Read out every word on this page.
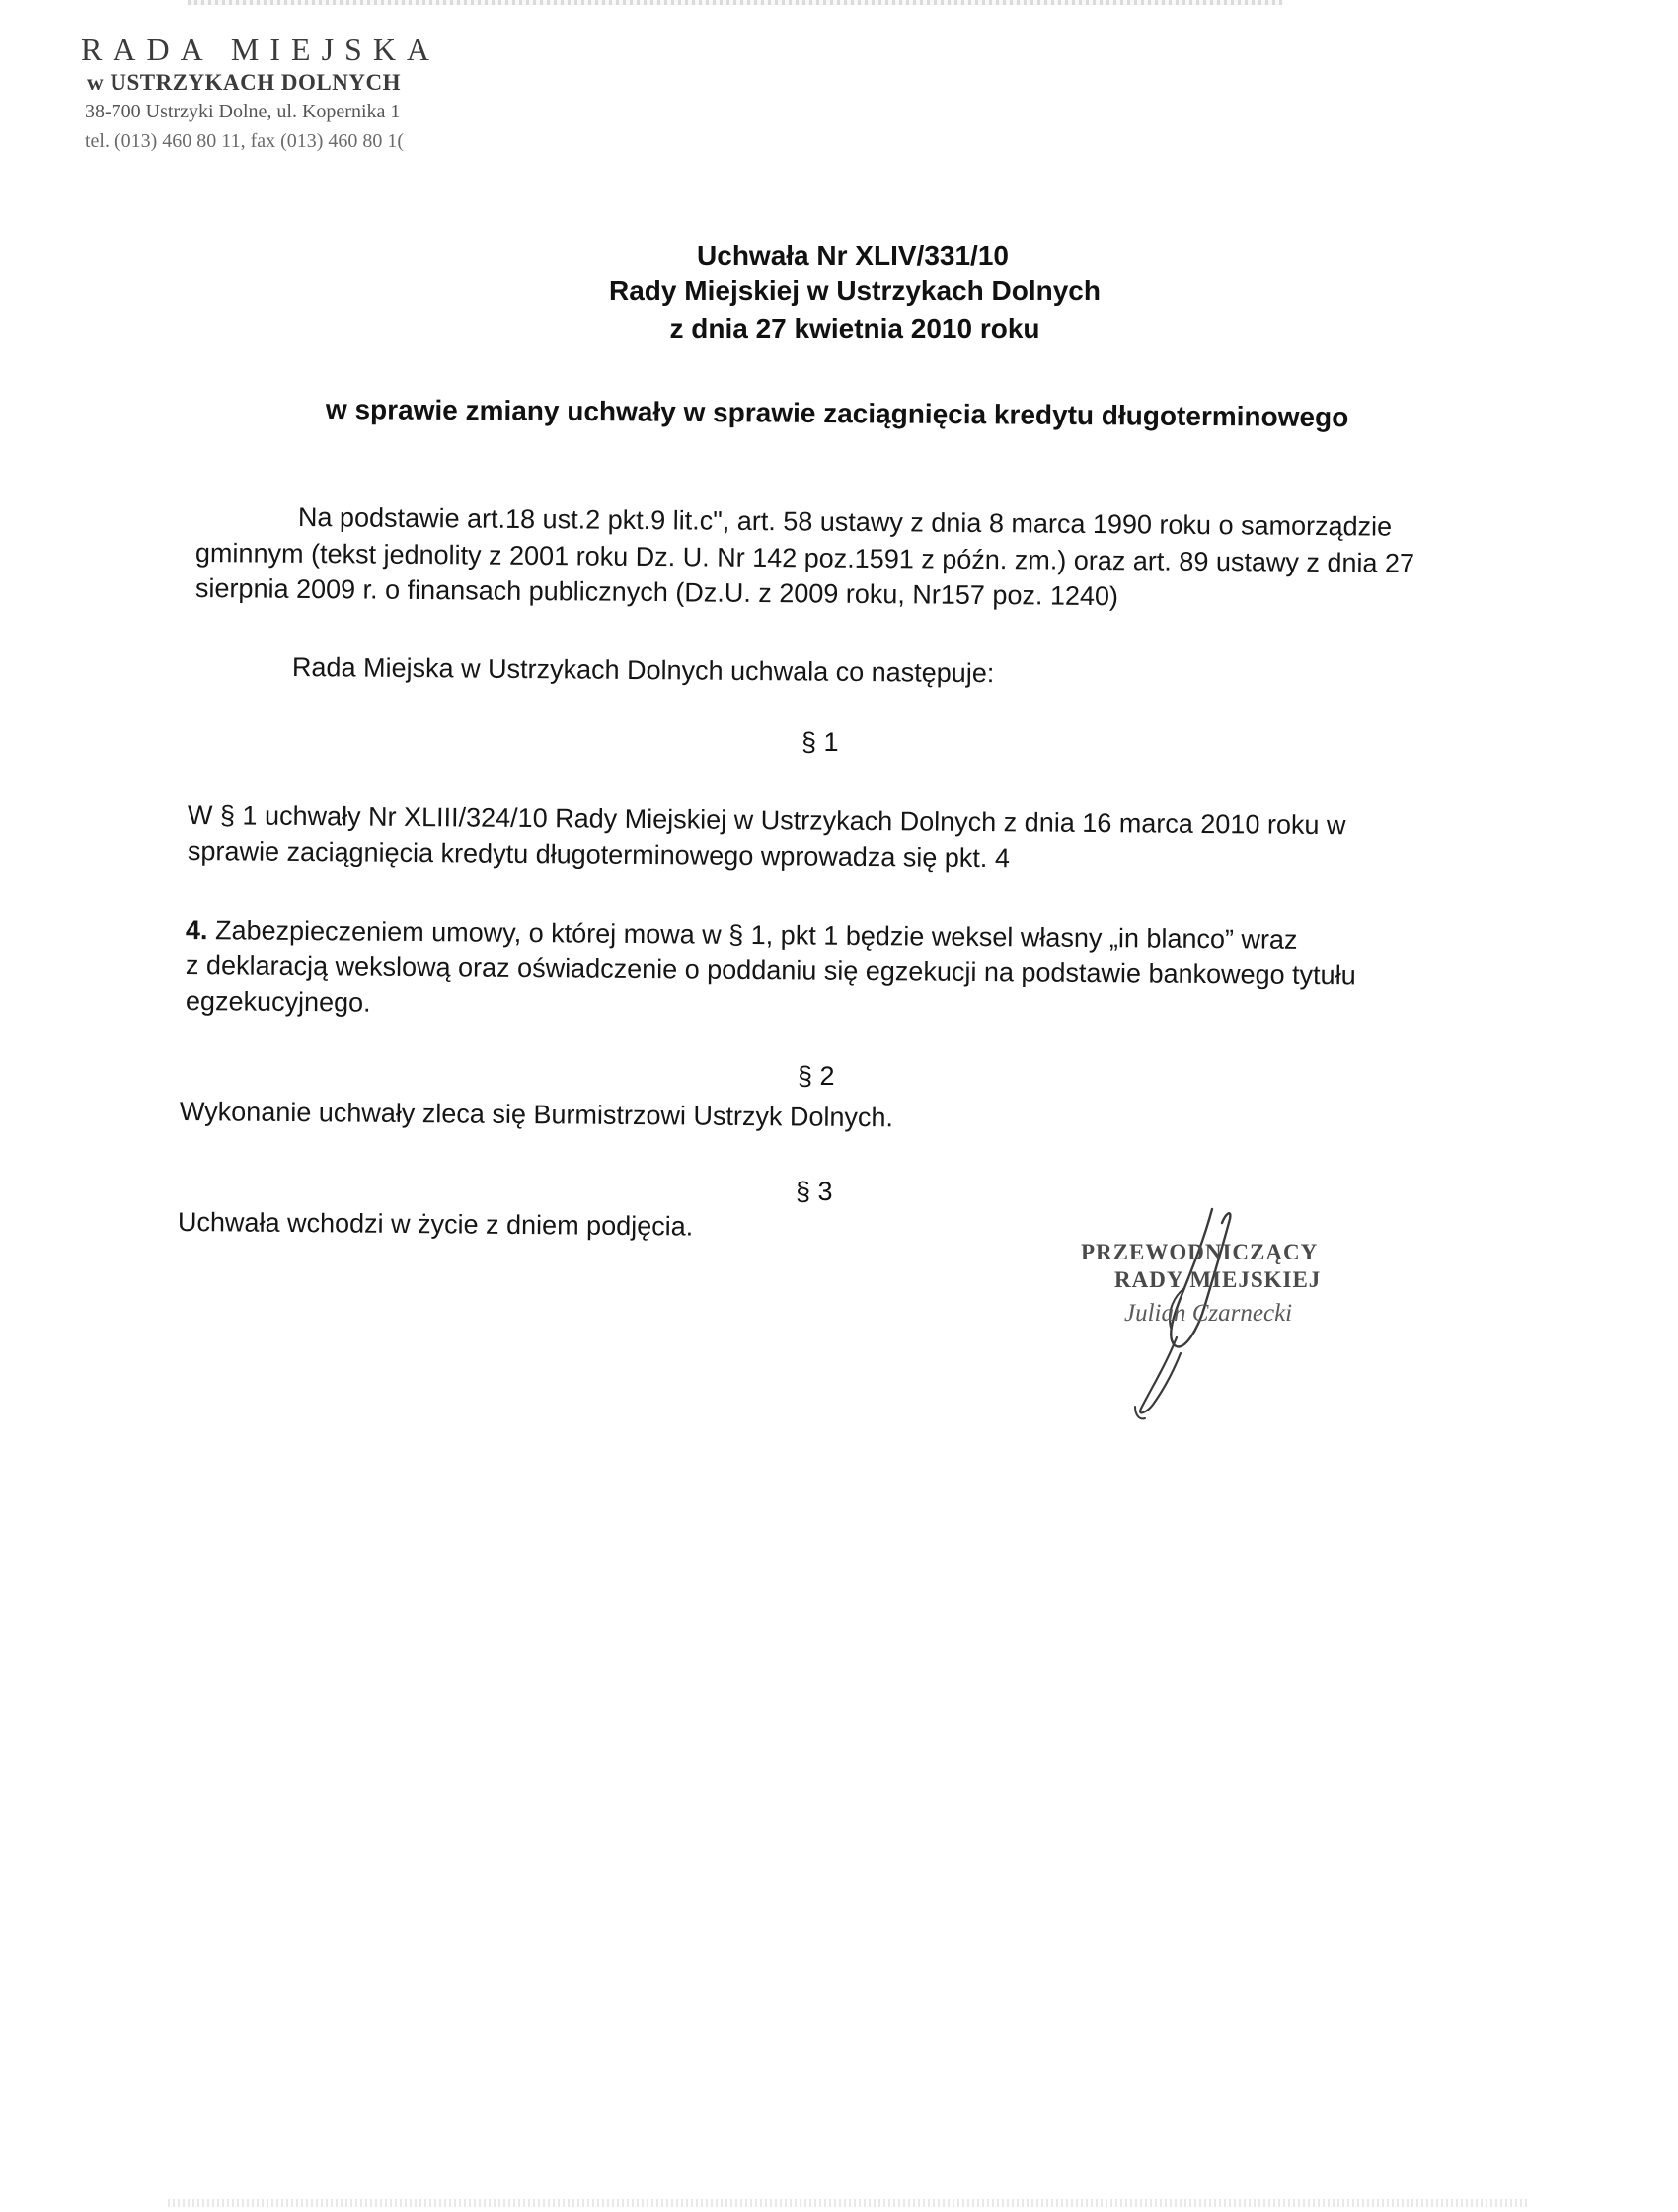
RADA MIEJSKA
w USTRZYKACH DOLNYCH
38-700 Ustrzyki Dolne, ul. Kopernika 1
tel. (013) 460 80 11, fax (013) 460 80 1(
Uchwała Nr XLIV/331/10
Rady Miejskiej w Ustrzykach Dolnych
z dnia 27 kwietnia 2010 roku
w sprawie zmiany uchwały w sprawie zaciągnięcia kredytu długoterminowego
Na podstawie art.18 ust.2 pkt.9 lit.c", art. 58 ustawy z dnia 8 marca 1990 roku o samorządzie
gminnym (tekst jednolity z 2001 roku Dz. U. Nr 142 poz.1591 z późn. zm.) oraz art. 89 ustawy z dnia 27
sierpnia 2009 r. o finansach publicznych (Dz.U. z 2009 roku, Nr157 poz. 1240)
Rada Miejska w Ustrzykach Dolnych uchwala co następuje:
§ 1
W § 1 uchwały Nr XLIII/324/10 Rady Miejskiej w Ustrzykach Dolnych z dnia 16 marca 2010 roku w
sprawie zaciągnięcia kredytu długoterminowego wprowadza się pkt. 4
4. Zabezpieczeniem umowy, o której mowa w § 1, pkt 1 będzie weksel własny „in blanco” wraz
z deklaracją wekslową oraz oświadczenie o poddaniu się egzekucji na podstawie bankowego tytułu
egzekucyjnego.
§ 2
Wykonanie uchwały zleca się Burmistrzowi Ustrzyk Dolnych.
§ 3
Uchwała wchodzi w życie z dniem podjęcia.
PRZEWODNICZĄCY
RADY MIEJSKIEJ
Julian Czarnecki
